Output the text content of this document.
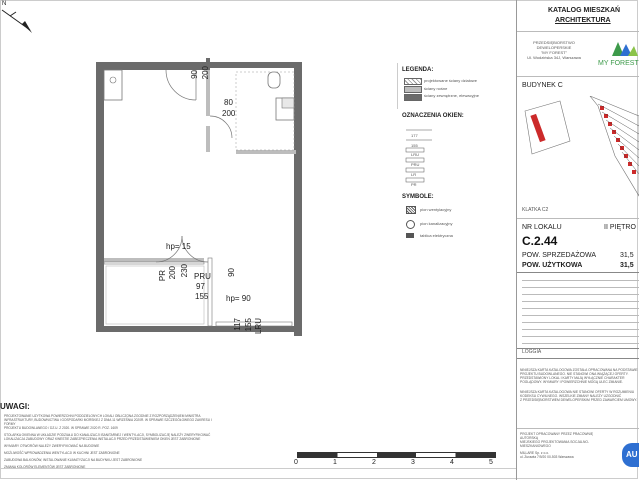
N
90 200
80
200
hp= 15
PR 200 230 PRU
97
90
155 hp= 90
117 155 LRU
LEGENDA:
projektowane ściany działowe
ściany nośne
ściany zewnętrzne, elewacyjne
OZNACZENIA OKIEN:
177
155
LRU
PRU
LR
PR
SYMBOLE:
pion wentylacyjny
pion kanalizacyjny
tablica elektryczna
0	1	2	3	4	5
UWAGI:
PROJEKTOWANIE UZYTKOWA POWIERZCHNI PODDZIELONYCH LOKALI OBLICZONA ZGODNIE Z ROZPORZĄDZENIEM MINISTRA
INFRASTRUKTURY, BUDOWNICTWA I GOSPODARKI MORSKIEJ Z DNIA 11 WRZEŚNIA 2020R. W SPRAWIE SZCZEGÓŁOWEGO ZAKRESU I FORMY
PROJEKTU BUDOWLANEGO / DZ.U. Z 2020. W SPRAWIE 2020 R. POZ. 1609
STOLARKA OKIENNA W UKŁADZIE PODZIAŁU DO KANALIZACJI ISANITARNEJ I WENTYLACJI, SYMBOLIZACJĘ NALEŻY ZWERYFIKOWAĆ
LOKALIZACJA ZABUDOWY ORAZ KWESTIE ZABEZPIECZENIA INSTALACJI PRZED PRZEDSTAWIENIEM OKIEN JEST ZABRONIONE
WYMIARY OTWORÓW NALEŻY ZWERYFIKOWAĆ NA BUDOWIE
MOŻLIWOŚĆ WPROWADZENIA WENTYLACJI W KUCHNI JEST ZABRONIONE
ZABUDOWA BALKONÓW, INSTALOWANIE KLIMATYZACJI NA BUDYNKU JEST ZABRONIONE
ZMIANA KOLORÓW ELEMENTÓW JEST ZABRONIONE
KATALOG MIESZKAŃ
ARCHITEKTURA
PRZEDSIĘBIORSTWO
DEWELOPERSKIE
"MY FOREST"
Ul. Wodzińska 34J, Warszawa
MY FOREST
BUDYNEK C
KLATKA C2
NR LOKALU	II PIĘTRO
C.2.44
POW. SPRZEDAŻOWA	31,5
POW. UŻYTKOWA	31,5
LOGGIA
NINIEJSZA KARTA KATALOGOWA ZOSTAŁA OPRACOWANA NA PODSTAWIE
PROJEKTU BUDOWLANEGO. NIE STANOWI ONA WIĄŻĄCEJ OFERTY.
PRZEDSTAWIONY LOKAL I KARTY MAJĄ WYŁĄCZNIE CHARAKTER
POGLĄDOWY. WYMIARY I POWIERZCHNIE MOGĄ ULEC ZMIANIE.
NINIEJSZA KARTA KATALOGOWA NIE STANOWI OFERTY W ROZUMIENIU
KODEKSU CYWILNEGO. WSZELKIE ZMIANY NALEŻY UZGODNIĆ
Z PRZEDSIĘBIORSTWEM DEWELOPERSKIM PRZED ZAWARCIEM UMOWY.
PROJEKT OPRACOWANY PRZEZ PRACOWNIĘ AUTORSKĄ
MIEJSKIEGO PROJEKTOWANIA SOCJALNO-MIESZKANIOWEGO
MILLARE Sp. z o.o.
ul. Żurawia 7/9/20 00-503 Warszawa	AU
